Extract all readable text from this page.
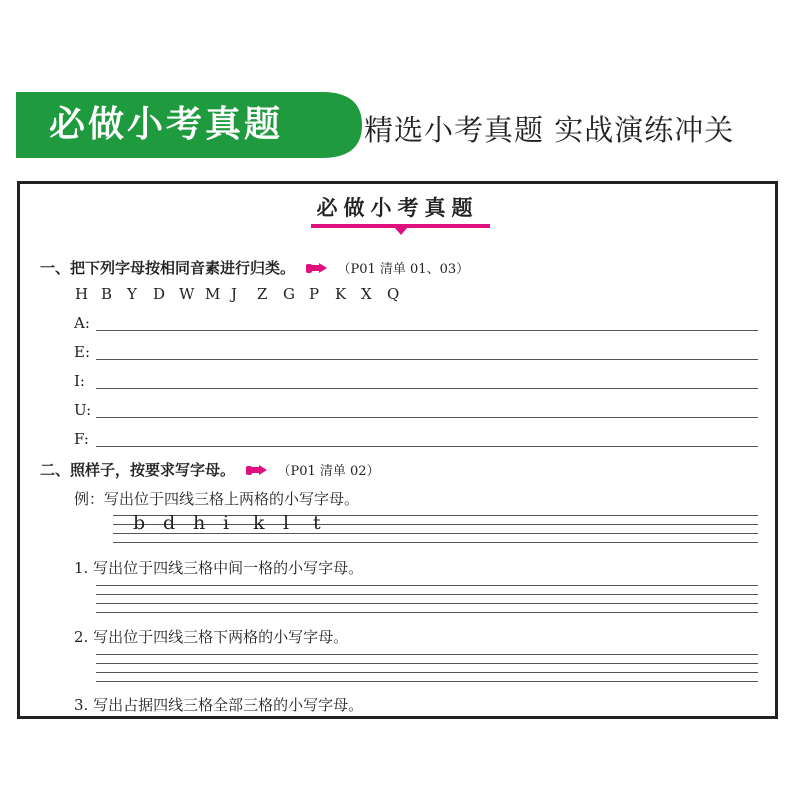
必做小考真题	精选小考真题 实战演练冲关
必做小考真题
一、把下列字母按相同音素进行归类。	（P01 清单 01、03）
H B Y D W M J Z G P K X Q
A:
E:
I:
U:
F:
二、照样子，按要求写字母。	（P01 清单 02）
例：写出位于四线三格上两格的小写字母。
b d h i k l t
1. 写出位于四线三格中间一格的小写字母。
2. 写出位于四线三格下两格的小写字母。
3. 写出占据四线三格全部三格的小写字母。
